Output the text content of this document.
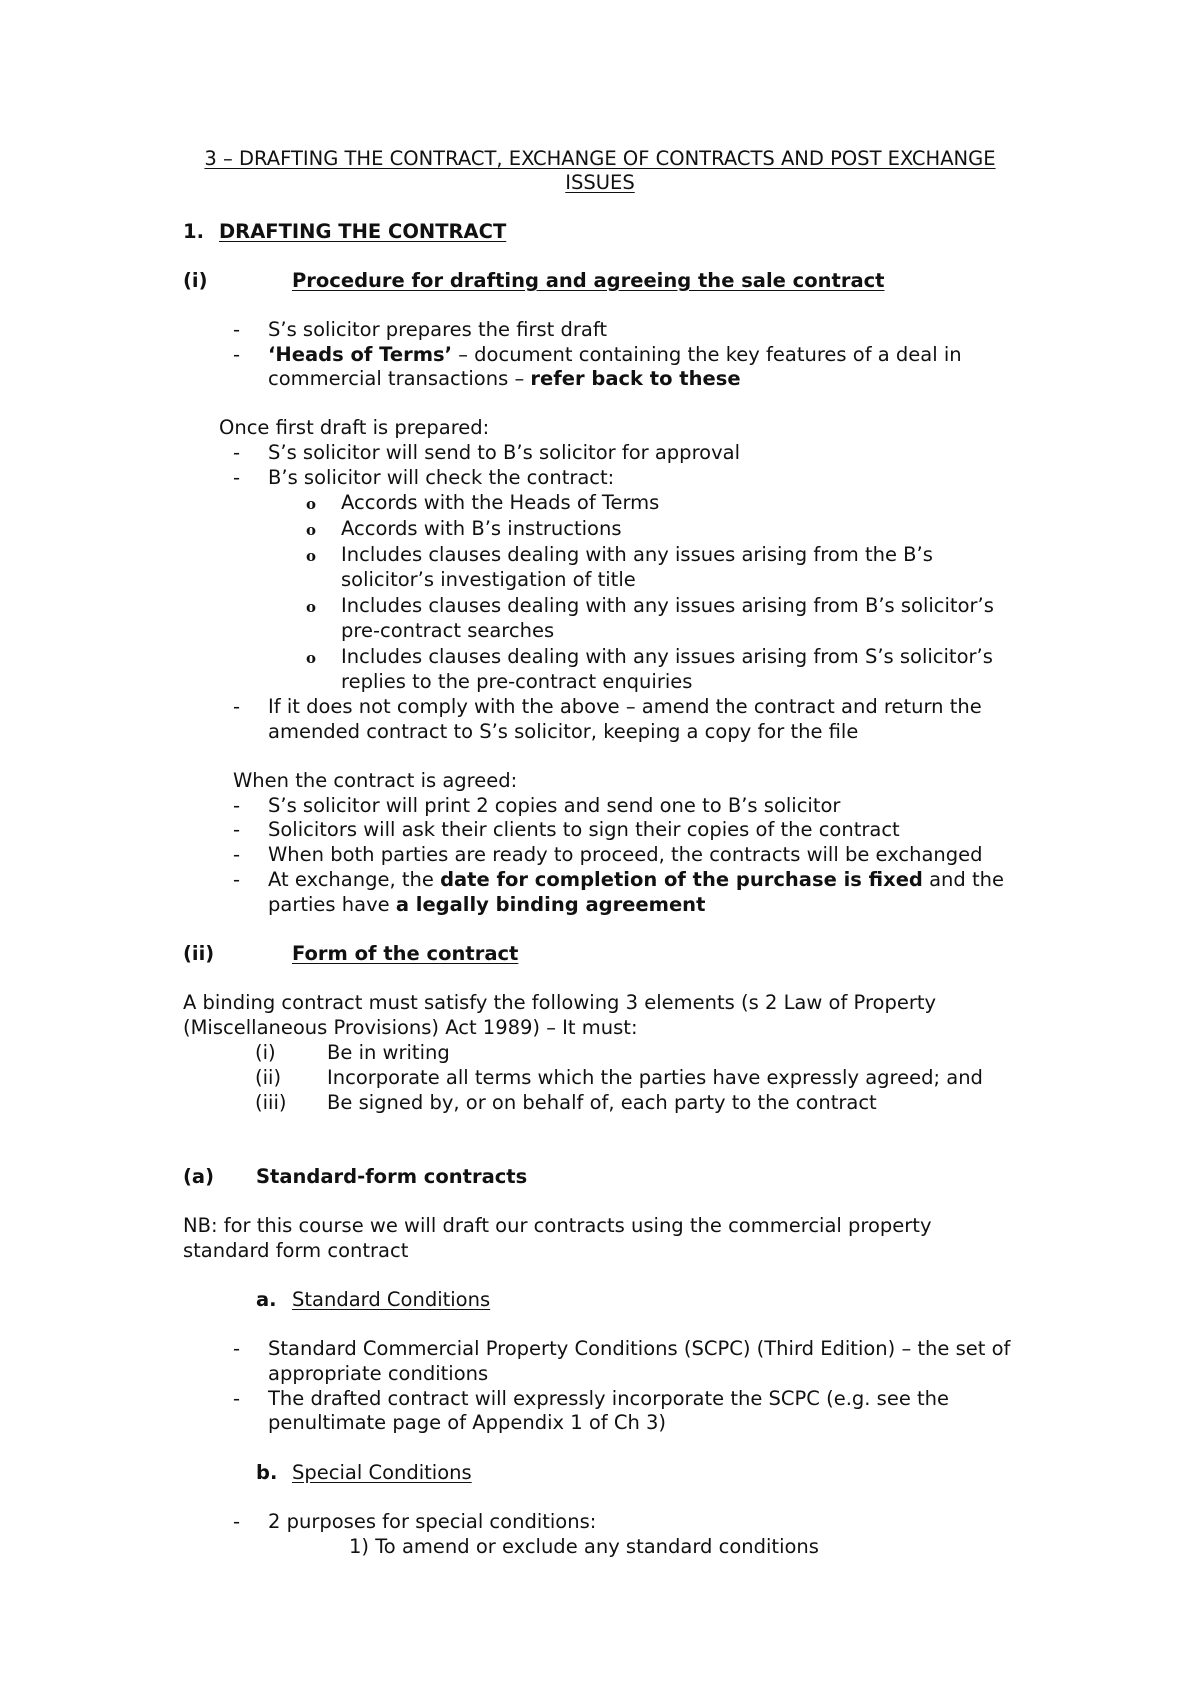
3 – DRAFTING THE CONTRACT, EXCHANGE OF CONTRACTS AND POST EXCHANGE
ISSUES
1. DRAFTING THE CONTRACT
(i)	Procedure for drafting and agreeing the sale contract
- S’s solicitor prepares the first draft
- ‘Heads of Terms’ – document containing the key features of a deal in
commercial transactions – refer back to these
Once first draft is prepared:
- S’s solicitor will send to B’s solicitor for approval
- B’s solicitor will check the contract:
o Accords with the Heads of Terms
o Accords with B’s instructions
o Includes clauses dealing with any issues arising from the B’s
solicitor’s investigation of title
o Includes clauses dealing with any issues arising from B’s solicitor’s
pre-contract searches
o Includes clauses dealing with any issues arising from S’s solicitor’s
replies to the pre-contract enquiries
- If it does not comply with the above – amend the contract and return the
amended contract to S’s solicitor, keeping a copy for the file
When the contract is agreed:
- S’s solicitor will print 2 copies and send one to B’s solicitor
- Solicitors will ask their clients to sign their copies of the contract
- When both parties are ready to proceed, the contracts will be exchanged
- At exchange, the date for completion of the purchase is fixed and the
parties have a legally binding agreement
(ii)	Form of the contract
A binding contract must satisfy the following 3 elements (s 2 Law of Property
(Miscellaneous Provisions) Act 1989) – It must:
(i)	Be in writing
(ii) Incorporate all terms which the parties have expressly agreed; and
(iii) Be signed by, or on behalf of, each party to the contract
(a) Standard-form contracts
NB: for this course we will draft our contracts using the commercial property
standard form contract
a. Standard Conditions
- Standard Commercial Property Conditions (SCPC) (Third Edition) – the set of
appropriate conditions
- The drafted contract will expressly incorporate the SCPC (e.g. see the
penultimate page of Appendix 1 of Ch 3)
b. Special Conditions
- 2 purposes for special conditions:
1) To amend or exclude any standard conditions
